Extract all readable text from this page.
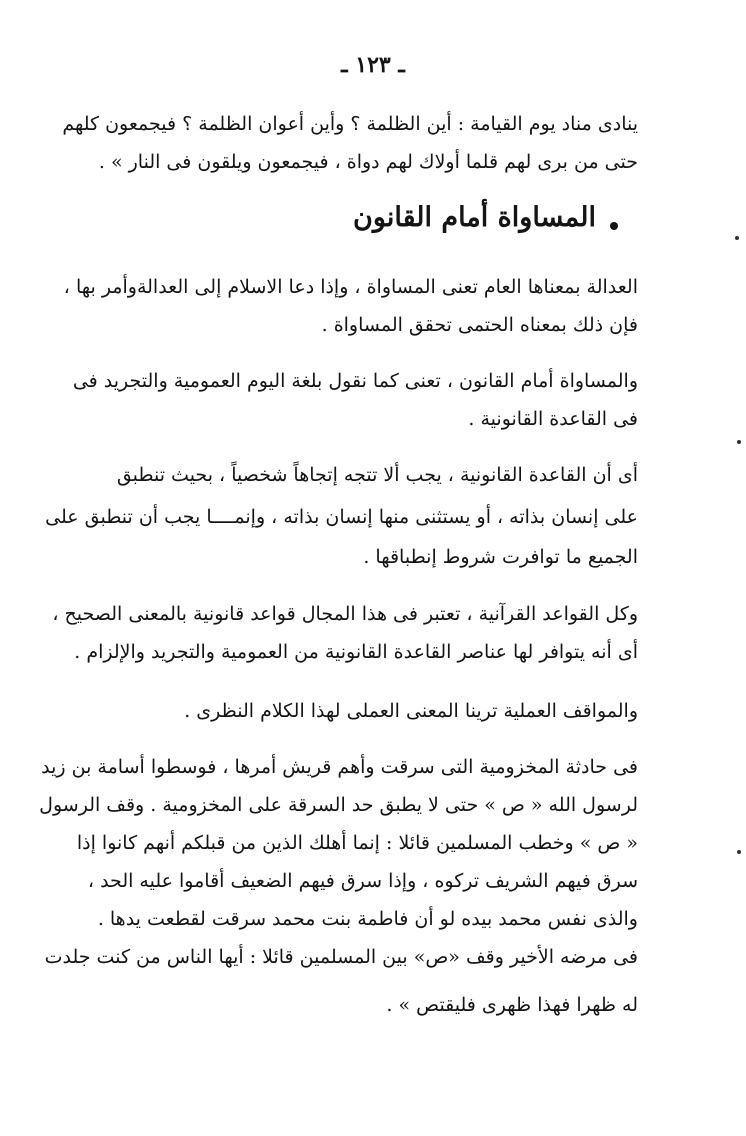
ـ ١٢٣ ـ
ينادى مناد يوم القيامة : أين الظلمة ؟ وأين أعوان الظلمة ؟ فيجمعون كلهم
حتى من برى لهم قلما أولاك لهم دواة ، فيجمعون ويلقون فى النار » .
المساواة أمام القانون
العدالة بمعناها العام تعنى المساواة ، وإذا دعا الاسلام إلى العدالةوأمر بها ،
فإن ذلك بمعناه الحتمى تحقق المساواة .
والمساواة أمام القانون ، تعنى كما نقول بلغة اليوم العمومية والتجريد فى
فى القاعدة القانونية .
أى أن القاعدة القانونية ، يجب ألا تتجه إتجاهاً شخصياً ، بحيث تنطبق
على إنسان بذاته ، أو يستثنى منها إنسان بذاته ، وإنمــــا يجب أن تنطبق على
الجميع ما توافرت شروط إنطباقها .
وكل القواعد القرآنية ، تعتبر فى هذا المجال قواعد قانونية بالمعنى الصحيح ،
أى أنه يتوافر لها عناصر القاعدة القانونية من العمومية والتجريد والإلزام .
والمواقف العملية ترينا المعنى العملى لهذا الكلام النظرى .
فى حادثة المخزومية التى سرقت وأهم قريش أمرها ، فوسطوا أسامة بن زيد
لرسول الله « ص » حتى لا يطبق حد السرقة على المخزومية . وقف الرسول
« ص » وخطب المسلمين قائلا : إنما أهلك الذين من قبلكم أنهم كانوا إذا
سرق فيهم الشريف تركوه ، وإذا سرق فيهم الضعيف أقاموا عليه الحد ،
والذى نفس محمد بيده لو أن فاطمة بنت محمد سرقت لقطعت يدها .
فى مرضه الأخير وقف «ص» بين المسلمين قائلا : أيها الناس من كنت جلدت
له ظهرا فهذا ظهرى فليقتص » .
